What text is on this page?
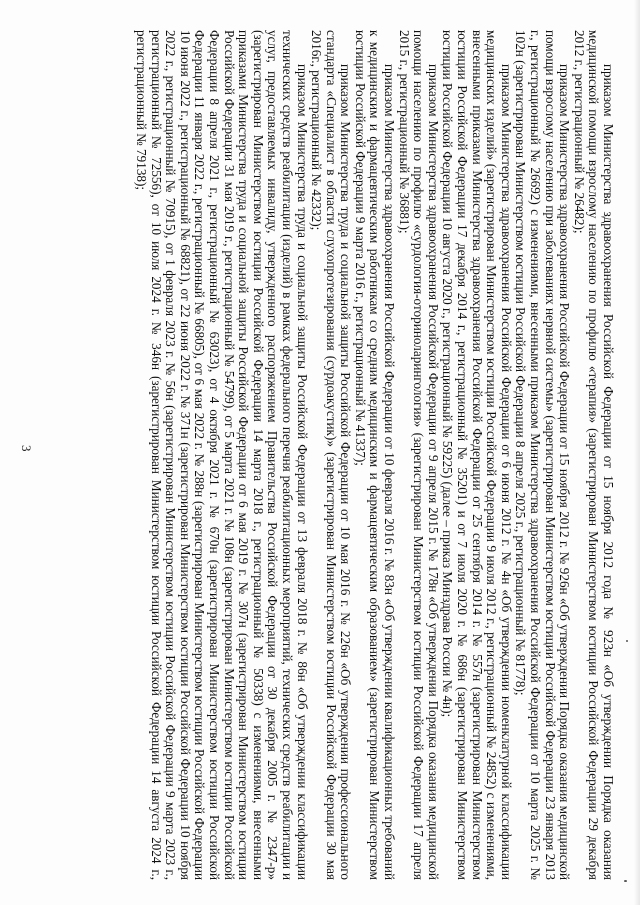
3	приказом Министерства здравоохранения Российской Федерации от 15 ноября 2012 года № 923н «Об утверждении Порядка оказания медицинской помощи взрослому населению по профилю «терапия» (зарегистрирован Министерством юстиции Российской Федерации 29 декабря 2012 г., регистрационный № 26482);

приказом Министерства здравоохранения Российской Федерации от 15 ноября 2012 г. № 926н «Об утверждении Порядка оказания медицинской помощи взрослому населению при заболеваниях нервной системы» (зарегистрирован Министерством юстиции Российской Федерации 23 января 2013 г., регистрационный № 26692) с изменениями, внесенными приказом Министерства здравоохранения Российской Федерации от 10 марта 2025 г. № 102н (зарегистрирован Министерством юстиции Российской Федерации 8 апреля 2025 г., регистрационный № 81778);

приказом Министерства здравоохранения Российской Федерации от 6 июня 2012 г. № 4н «Об утверждении номенклатурной классификации медицинских изделий» (зарегистрирован Министерством юстиции Российской Федерации 9 июля 2012 г., регистрационный № 24852) с изменениями, внесенными приказами Министерства здравоохранения Российской Федерации от 25 сентября 2014 г. № 557н (зарегистрирован Министерством юстиции Российской Федерации 17 декабря 2014 г., регистрационный № 35201) и от 7 июля 2020 г. № 686н (зарегистрирован Министерством юстиции Российской Федерации 10 августа 2020 г., регистрационный № 59225) (далее – приказ Минздрава России № 4н);

приказом Министерства здравоохранения Российской Федерации от 9 апреля 2015 г. № 178н «Об утверждении Порядка оказания медицинской помощи населению по профилю «сурдология-оториноларингология» (зарегистрирован Министерством юстиции Российской Федерации 17 апреля 2015 г., регистрационный № 36881);

приказом Министерства здравоохранения Российской Федерации от 10 февраля 2016 г. № 83н «Об утверждении квалификационных требований к медицинским и фармацевтическим работникам со средним медицинским и фармацевтическим образованием» (зарегистрирован Министерством юстиции Российской Федерации 9 марта 2016 г., регистрационный № 41337);

приказом Министерства труда и социальной защиты Российской Федерации от 10 мая 2016 г. № 226н «Об утверждении профессионального стандарта «Специалист в области слухопротезирования (сурдоакустик)» (зарегистрирован Министерством юстиции Российской Федерации 30 мая 2016г., регистрационный № 42332);

приказом Министерства труда и социальной защиты Российской Федерации от 13 февраля 2018 г. № 86н «Об утверждении классификации технических средств реабилитации (изделий) в рамках федерального перечня реабилитационных мероприятий, технических средств реабилитации и услуг, предоставляемых инвалиду, утвержденного распоряжением Правительства Российской Федерации от 30 декабря 2005 г. № 2347-р» (зарегистрирован Министерством юстиции Российской Федерации 14 марта 2018 г., регистрационный № 50338) с изменениями, внесенными приказами Министерства труда и социальной защиты Российской Федерации от 6 мая 2019 г. № 307н (зарегистрирован Министерством юстиции Российской Федерации 31 мая 2019 г., регистрационный № 54799), от 5 марта 2021 г. № 108н (зарегистрирован Министерством юстиции Российской Федерации 8 апреля 2021 г., регистрационный № 63023), от 4 октября 2021 г. № 670н (зарегистрирован Министерством юстиции Российской Федерации 11 января 2022 г., регистрационный № 66805), от 6 мая 2022 г. № 288н (зарегистрирован Министерством юстиции Российской Федерации 10 июня 2022 г., регистрационный № 68821), от 22 июня 2022 г. № 371н (зарегистрирован Министерством юстиции Российской Федерации 10 ноября 2022 г., регистрационный № 70915), от 1 февраля 2023 г. № 56н (зарегистрирован Министерством юстиции Российской Федерации 9 марта 2023 г., регистрационный № 72556), от 10 июля 2024 г. № 346н (зарегистрирован Министерством юстиции Российской Федерации 14 августа 2024 г., регистрационный № 79138);
